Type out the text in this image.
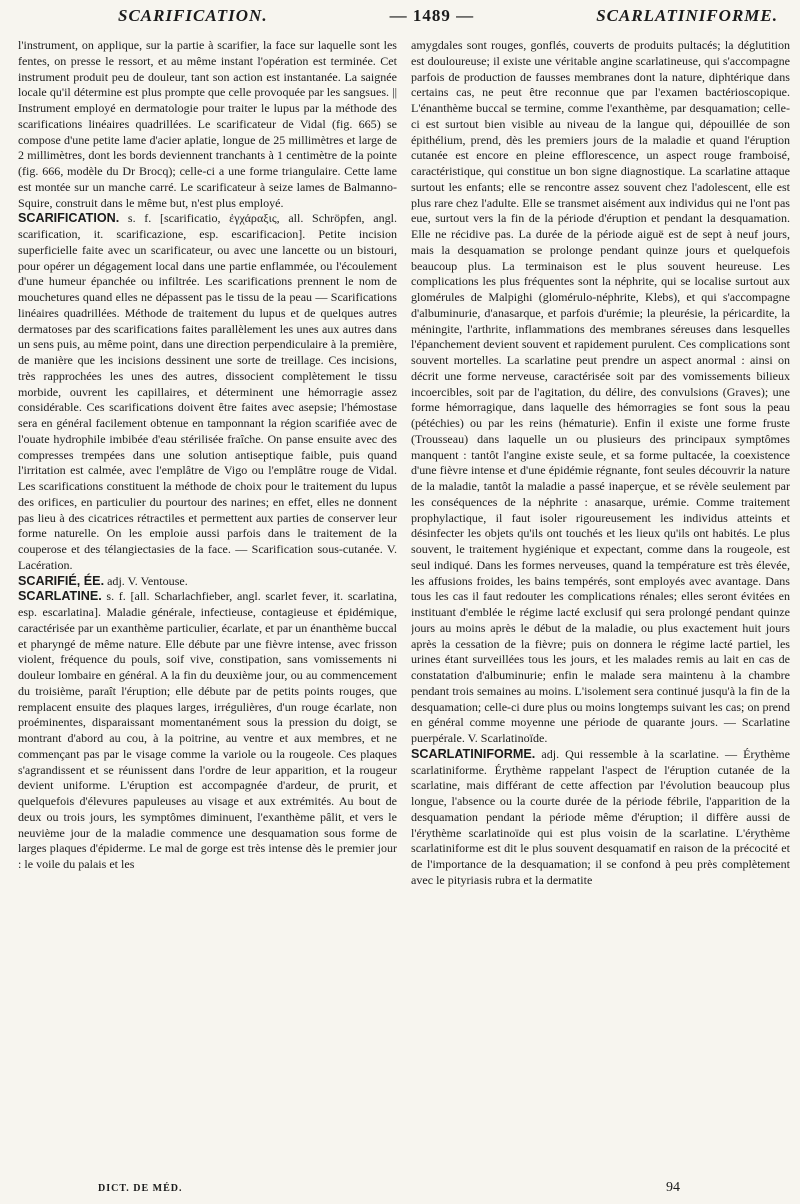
SCARIFICATION.	— 1489 —	SCARLATINIFORME.

l'instrument, on applique, sur la partie à scarifier, la face sur laquelle sont les fentes, on presse le ressort, et au même instant l'opération est terminée. Cet instrument produit peu de douleur, tant son action est instantanée. La saignée locale qu'il détermine est plus prompte que celle provoquée par les sangsues. || Instrument employé en dermatologie pour traiter le lupus par la méthode des scarifications linéaires quadrillées. Le scarificateur de Vidal (fig. 665) se compose d'une petite lame d'acier aplatie, longue de 25 millimètres et large de 2 millimètres, dont les bords deviennent tranchants à 1 centimètre de la pointe (fig. 666, modèle du Dr Brocq); celle-ci a une forme triangulaire. Cette lame est montée sur un manche carré. Le scarificateur à seize lames de Balmanno-Squire, construit dans le même but, n'est plus employé.

SCARIFICATION. s. f. [scarificatio, ἐγχάραξις, all. Schröpfen, angl. scarification, it. scarificazione, esp. escarificacion]. Petite incision superficielle faite avec un scarificateur, ou avec une lancette ou un bistouri, pour opérer un dégagement local dans une partie enflammée, ou l'écoulement d'une humeur épanchée ou infiltrée. Les scarifications prennent le nom de mouchetures quand elles ne dépassent pas le tissu de la peau — Scarifications linéaires quadrillées. Méthode de traitement du lupus et de quelques autres dermatoses par des scarifications faites parallèlement les unes aux autres dans un sens puis, au même point, dans une direction perpendiculaire à la première, de manière que les incisions dessinent une sorte de treillage. Ces incisions, très rapprochées les unes des autres, dissocient complètement le tissu morbide, ouvrent les capillaires, et déterminent une hémorragie assez considérable. Ces scarifications doivent être faites avec asepsie; l'hémostase sera en général facilement obtenue en tamponnant la région scarifiée avec de l'ouate hydrophile imbibée d'eau stérilisée fraîche. On panse ensuite avec des compresses trempées dans une solution antiseptique faible, puis quand l'irritation est calmée, avec l'emplâtre de Vigo ou l'emplâtre rouge de Vidal. Les scarifications constituent la méthode de choix pour le traitement du lupus des orifices, en particulier du pourtour des narines; en effet, elles ne donnent pas lieu à des cicatrices rétractiles et permettent aux parties de conserver leur forme naturelle. On les emploie aussi parfois dans le traitement de la couperose et des télangiectasies de la face. — Scarification sous-cutanée. V. Lacération.

SCARIFIÉ, ÉE. adj. V. Ventouse.

SCARLATINE. s. f. [all. Scharlachfieber, angl. scarlet fever, it. scarlatina, esp. escarlatina]. Maladie générale, infectieuse, contagieuse et épidémique, caractérisée par un exanthème particulier, écarlate, et par un énanthème buccal et pharyngé de même nature. Elle débute par une fièvre intense, avec frisson violent, fréquence du pouls, soif vive, constipation, sans vomissements ni douleur lombaire en général. A la fin du deuxième jour, ou au commencement du troisième, paraît l'éruption; elle débute par de petits points rouges, que remplacent ensuite des plaques larges, irrégulières, d'un rouge écarlate, non proéminentes, disparaissant momentanément sous la pression du doigt, se montrant d'abord au cou, à la poitrine, au ventre et aux membres, et ne commençant pas par le visage comme la variole ou la rougeole. Ces plaques s'agrandissent et se réunissent dans l'ordre de leur apparition, et la rougeur devient uniforme. L'éruption est accompagnée d'ardeur, de prurit, et quelquefois d'élevures papuleuses au visage et aux extrémités. Au bout de deux ou trois jours, les symptômes diminuent, l'exanthème pâlit, et vers le neuvième jour de la maladie commence une desquamation sous forme de larges plaques d'épiderme. Le mal de gorge est très intense dès le premier jour : le voile du palais et les

amygdales sont rouges, gonflés, couverts de produits pultacés; la déglutition est douloureuse; il existe une véritable angine scarlatineuse, qui s'accompagne parfois de production de fausses membranes dont la nature, diphtérique dans certains cas, ne peut être reconnue que par l'examen bactérioscopique. L'énanthème buccal se termine, comme l'exanthème, par desquamation; celle-ci est surtout bien visible au niveau de la langue qui, dépouillée de son épithélium, prend, dès les premiers jours de la maladie et quand l'éruption cutanée est encore en pleine efflorescence, un aspect rouge framboisé, caractéristique, qui constitue un bon signe diagnostique. La scarlatine attaque surtout les enfants; elle se rencontre assez souvent chez l'adolescent, elle est plus rare chez l'adulte. Elle se transmet aisément aux individus qui ne l'ont pas eue, surtout vers la fin de la période d'éruption et pendant la desquamation. Elle ne récidive pas. La durée de la période aiguë est de sept à neuf jours, mais la desquamation se prolonge pendant quinze jours et quelquefois beaucoup plus. La terminaison est le plus souvent heureuse. Les complications les plus fréquentes sont la néphrite, qui se localise surtout aux glomérules de Malpighi (glomérulo-néphrite, Klebs), et qui s'accompagne d'albuminurie, d'anasarque, et parfois d'urémie; la pleurésie, la péricardite, la méningite, l'arthrite, inflammations des membranes séreuses dans lesquelles l'épanchement devient souvent et rapidement purulent. Ces complications sont souvent mortelles. La scarlatine peut prendre un aspect anormal : ainsi on décrit une forme nerveuse, caractérisée soit par des vomissements bilieux incoercibles, soit par de l'agitation, du délire, des convulsions (Graves); une forme hémorragique, dans laquelle des hémorragies se font sous la peau (pétéchies) ou par les reins (hématurie). Enfin il existe une forme fruste (Trousseau) dans laquelle un ou plusieurs des principaux symptômes manquent : tantôt l'angine existe seule, et sa forme pultacée, la coexistence d'une fièvre intense et d'une épidémie régnante, font seules découvrir la nature de la maladie, tantôt la maladie a passé inaperçue, et se révèle seulement par les conséquences de la néphrite : anasarque, urémie. Comme traitement prophylactique, il faut isoler rigoureusement les individus atteints et désinfecter les objets qu'ils ont touchés et les lieux qu'ils ont habités. Le plus souvent, le traitement hygiénique et expectant, comme dans la rougeole, est seul indiqué. Dans les formes nerveuses, quand la température est très élevée, les affusions froides, les bains tempérés, sont employés avec avantage. Dans tous les cas il faut redouter les complications rénales; elles seront évitées en instituant d'emblée le régime lacté exclusif qui sera prolongé pendant quinze jours au moins après le début de la maladie, ou plus exactement huit jours après la cessation de la fièvre; puis on donnera le régime lacté partiel, les urines étant surveillées tous les jours, et les malades remis au lait en cas de constatation d'albuminurie; enfin le malade sera maintenu à la chambre pendant trois semaines au moins. L'isolement sera continué jusqu'à la fin de la desquamation; celle-ci dure plus ou moins longtemps suivant les cas; on prend en général comme moyenne une période de quarante jours. — Scarlatine puerpérale. V. Scarlatinoïde.

SCARLATINIFORME. adj. Qui ressemble à la scarlatine. — Érythème scarlatiniforme. Érythème rappelant l'aspect de l'éruption cutanée de la scarlatine, mais différant de cette affection par l'évolution beaucoup plus longue, l'absence ou la courte durée de la période fébrile, l'apparition de la desquamation pendant la période même d'éruption; il diffère aussi de l'érythème scarlatinoïde qui est plus voisin de la scarlatine. L'érythème scarlatiniforme est dit le plus souvent desquamatif en raison de la précocité et de l'importance de la desquamation; il se confond à peu près complètement avec le pityriasis rubra et la dermatite

DICT. DE MÉD.	94
